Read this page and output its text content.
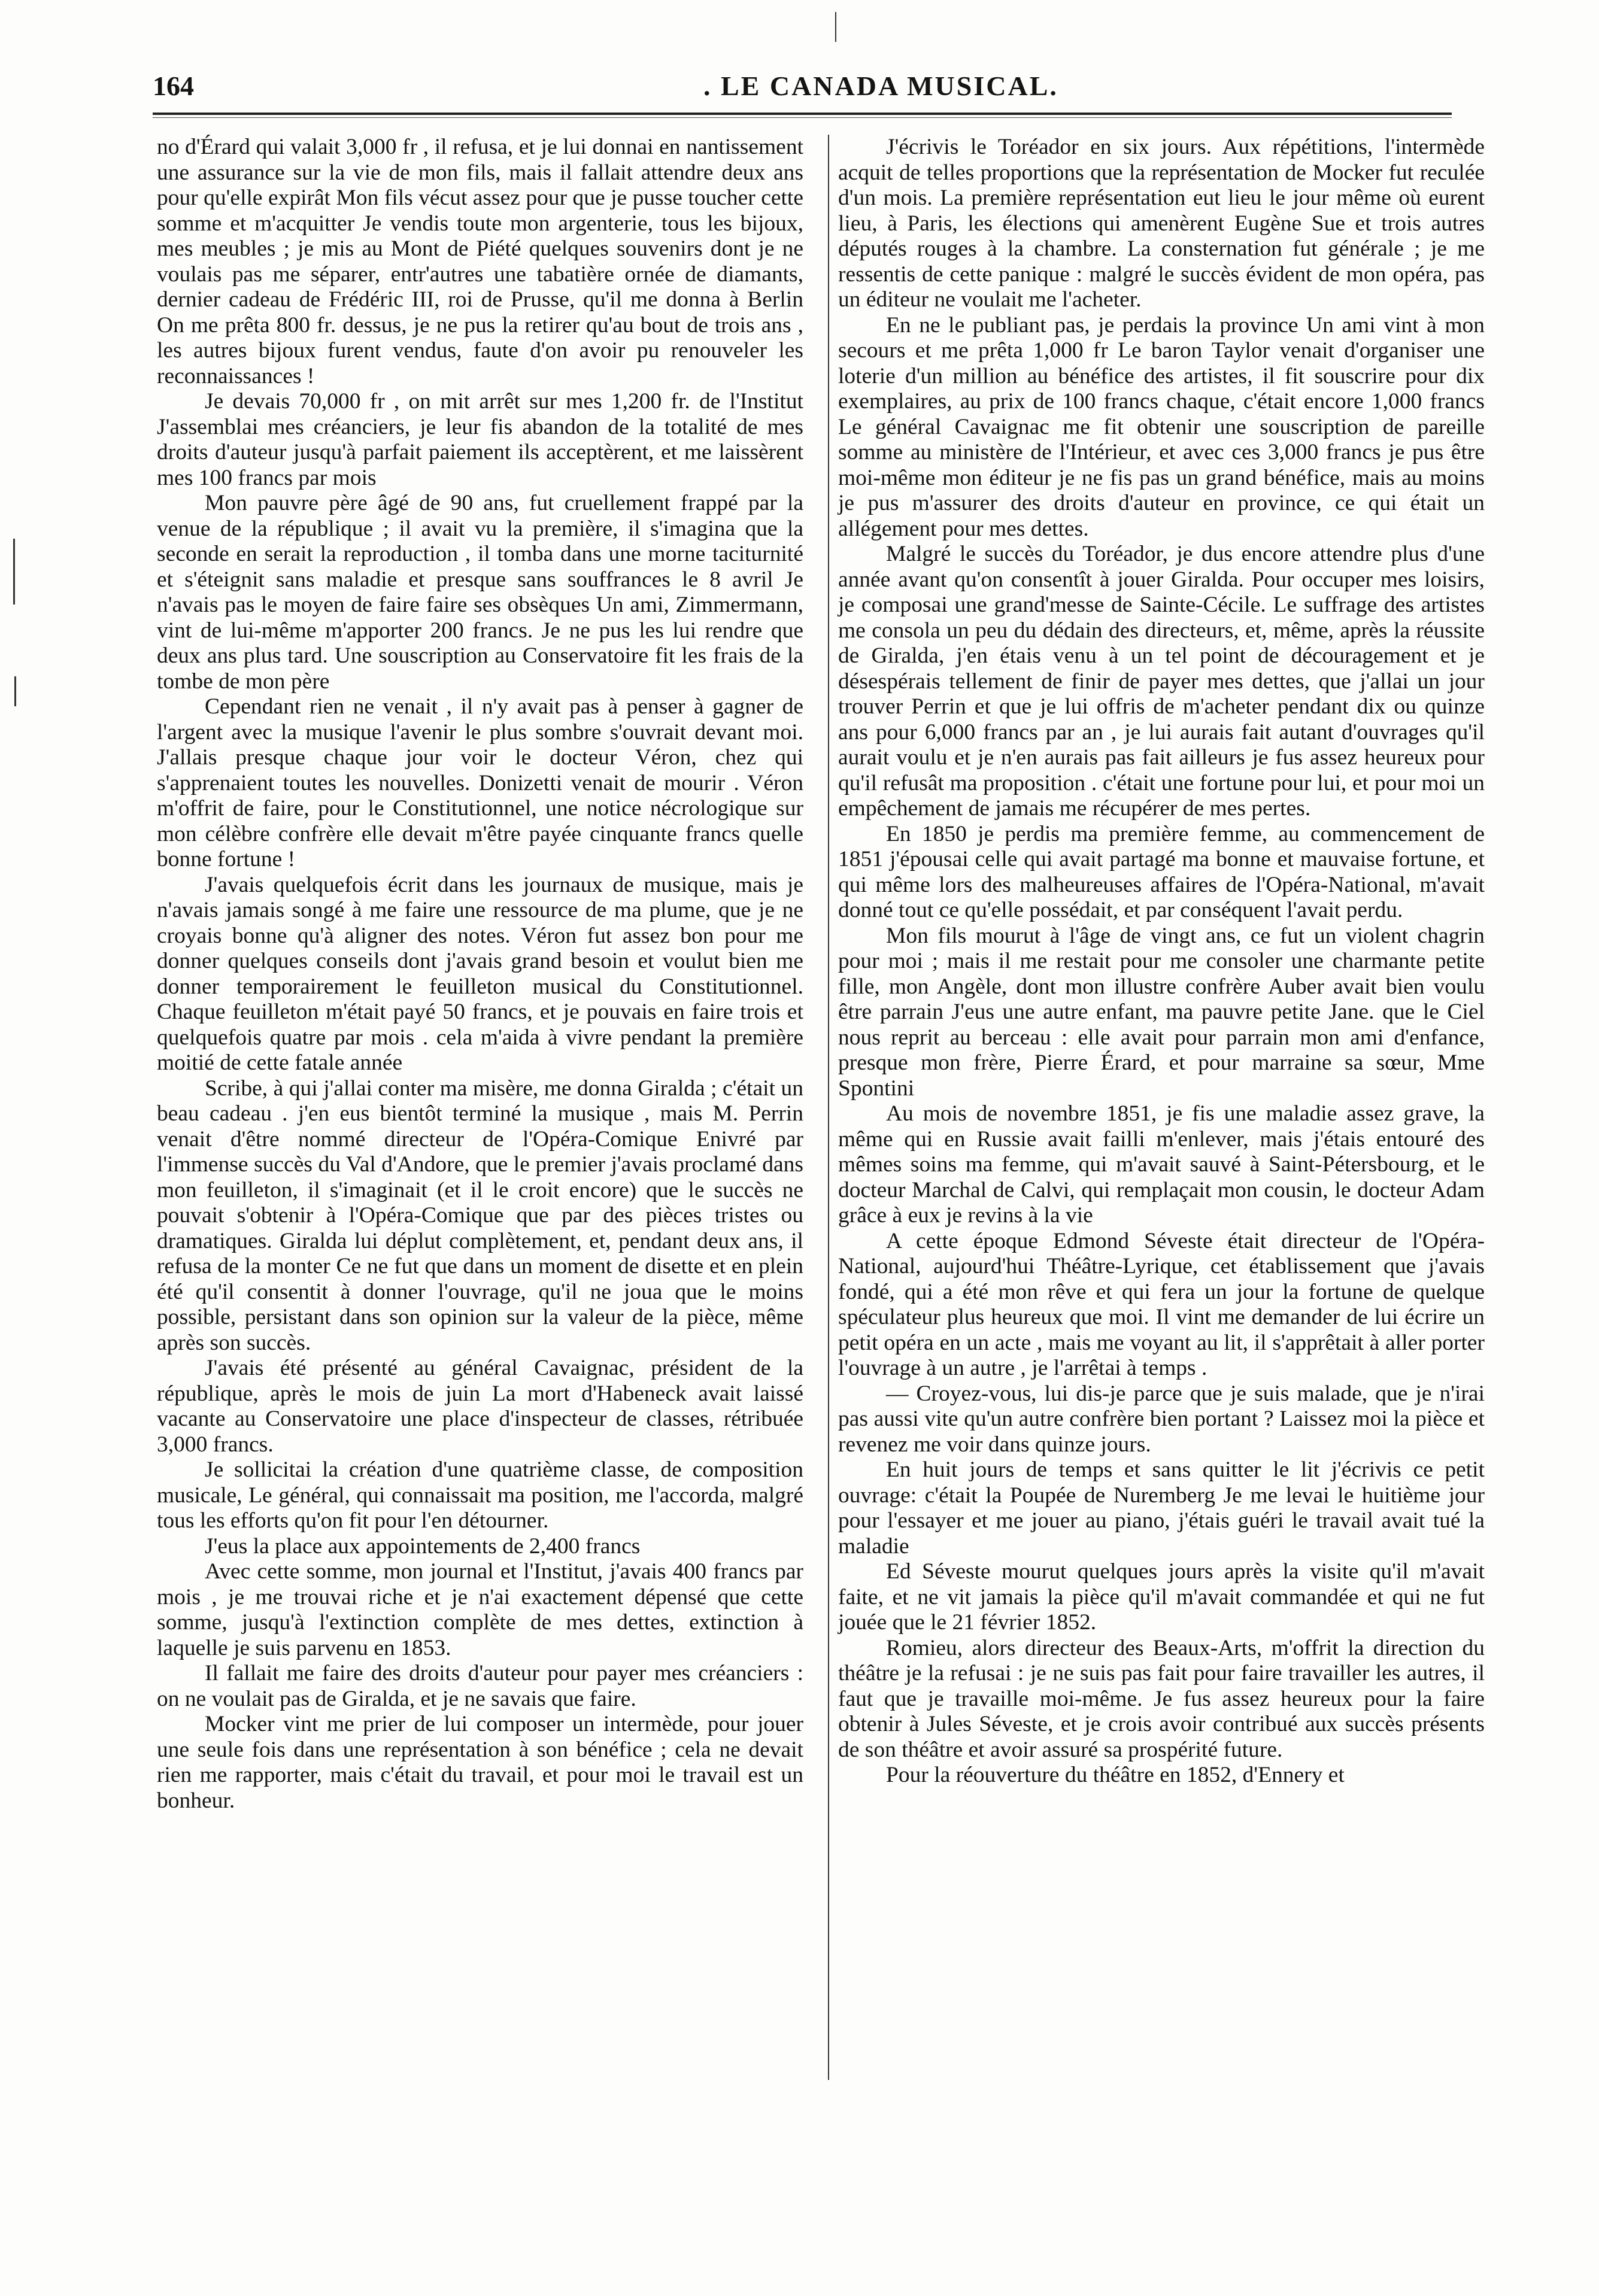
164	. LE CANADA MUSICAL.

no d'Érard qui valait 3,000 fr , il refusa, et je lui donnai en nantissement une assurance sur la vie de mon fils, mais il fallait attendre deux ans pour qu'elle expirât Mon fils vécut assez pour que je pusse toucher cette somme et m'acquitter Je vendis toute mon argenterie, tous les bijoux, mes meubles ; je mis au Mont de Piété quelques souvenirs dont je ne voulais pas me séparer, entr'autres une tabatière ornée de diamants, dernier cadeau de Frédéric III, roi de Prusse, qu'il me donna à Berlin On me prêta 800 fr. dessus, je ne pus la retirer qu'au bout de trois ans , les autres bijoux furent vendus, faute d'on avoir pu renouveler les reconnaissances !

Je devais 70,000 fr , on mit arrêt sur mes 1,200 fr. de l'Institut J'assemblai mes créanciers, je leur fis abandon de la totalité de mes droits d'auteur jusqu'à parfait paiement ils acceptèrent, et me laissèrent mes 100 francs par mois

Mon pauvre père âgé de 90 ans, fut cruellement frappé par la venue de la république ; il avait vu la première, il s'imagina que la seconde en serait la reproduction , il tomba dans une morne taciturnité et s'éteignit sans maladie et presque sans souffrances le 8 avril Je n'avais pas le moyen de faire faire ses obsèques Un ami, Zimmermann, vint de lui-même m'apporter 200 francs. Je ne pus les lui rendre que deux ans plus tard. Une souscription au Conservatoire fit les frais de la tombe de mon père

Cependant rien ne venait , il n'y avait pas à penser à gagner de l'argent avec la musique l'avenir le plus sombre s'ouvrait devant moi. J'allais presque chaque jour voir le docteur Véron, chez qui s'apprenaient toutes les nouvelles. Donizetti venait de mourir . Véron m'offrit de faire, pour le Constitutionnel, une notice nécrologique sur mon célèbre confrère elle devait m'être payée cinquante francs quelle bonne fortune !

J'avais quelquefois écrit dans les journaux de musique, mais je n'avais jamais songé à me faire une ressource de ma plume, que je ne croyais bonne qu'à aligner des notes. Véron fut assez bon pour me donner quelques conseils dont j'avais grand besoin et voulut bien me donner temporairement le feuilleton musical du Constitutionnel. Chaque feuilleton m'était payé 50 francs, et je pouvais en faire trois et quelquefois quatre par mois . cela m'aida à vivre pendant la première moitié de cette fatale année

Scribe, à qui j'allai conter ma misère, me donna Giralda ; c'était un beau cadeau . j'en eus bientôt terminé la musique , mais M. Perrin venait d'être nommé directeur de l'Opéra-Comique Enivré par l'immense succès du Val d'Andore, que le premier j'avais proclamé dans mon feuilleton, il s'imaginait (et il le croit encore) que le succès ne pouvait s'obtenir à l'Opéra-Comique que par des pièces tristes ou dramatiques. Giralda lui déplut complètement, et, pendant deux ans, il refusa de la monter Ce ne fut que dans un moment de disette et en plein été qu'il consentit à donner l'ouvrage, qu'il ne joua que le moins possible, persistant dans son opinion sur la valeur de la pièce, même après son succès.

J'avais été présenté au général Cavaignac, président de la république, après le mois de juin La mort d'Habeneck avait laissé vacante au Conservatoire une place d'inspecteur de classes, rétribuée 3,000 francs.

Je sollicitai la création d'une quatrième classe, de composition musicale, Le général, qui connaissait ma position, me l'accorda, malgré tous les efforts qu'on fit pour l'en détourner.

J'eus la place aux appointements de 2,400 francs

Avec cette somme, mon journal et l'Institut, j'avais 400 francs par mois , je me trouvai riche et je n'ai exactement dépensé que cette somme, jusqu'à l'extinction complète de mes dettes, extinction à laquelle je suis parvenu en 1853.

Il fallait me faire des droits d'auteur pour payer mes créanciers : on ne voulait pas de Giralda, et je ne savais que faire.

Mocker vint me prier de lui composer un intermède, pour jouer une seule fois dans une représentation à son bénéfice ; cela ne devait rien me rapporter, mais c'était du travail, et pour moi le travail est un bonheur.

J'écrivis le Toréador en six jours. Aux répétitions, l'intermède acquit de telles proportions que la représentation de Mocker fut reculée d'un mois. La première représentation eut lieu le jour même où eurent lieu, à Paris, les élections qui amenèrent Eugène Sue et trois autres députés rouges à la chambre. La consternation fut générale ; je me ressentis de cette panique : malgré le succès évident de mon opéra, pas un éditeur ne voulait me l'acheter.

En ne le publiant pas, je perdais la province Un ami vint à mon secours et me prêta 1,000 fr Le baron Taylor venait d'organiser une loterie d'un million au bénéfice des artistes, il fit souscrire pour dix exemplaires, au prix de 100 francs chaque, c'était encore 1,000 francs Le général Cavaignac me fit obtenir une souscription de pareille somme au ministère de l'Intérieur, et avec ces 3,000 francs je pus être moi-même mon éditeur je ne fis pas un grand bénéfice, mais au moins je pus m'assurer des droits d'auteur en province, ce qui était un allégement pour mes dettes.

Malgré le succès du Toréador, je dus encore attendre plus d'une année avant qu'on consentît à jouer Giralda. Pour occuper mes loisirs, je composai une grand'messe de Sainte-Cécile. Le suffrage des artistes me consola un peu du dédain des directeurs, et, même, après la réussite de Giralda, j'en étais venu à un tel point de découragement et je désespérais tellement de finir de payer mes dettes, que j'allai un jour trouver Perrin et que je lui offris de m'acheter pendant dix ou quinze ans pour 6,000 francs par an , je lui aurais fait autant d'ouvrages qu'il aurait voulu et je n'en aurais pas fait ailleurs je fus assez heureux pour qu'il refusât ma proposition . c'était une fortune pour lui, et pour moi un empêchement de jamais me récupérer de mes pertes.

En 1850 je perdis ma première femme, au commencement de 1851 j'épousai celle qui avait partagé ma bonne et mauvaise fortune, et qui même lors des malheureuses affaires de l'Opéra-National, m'avait donné tout ce qu'elle possédait, et par conséquent l'avait perdu.

Mon fils mourut à l'âge de vingt ans, ce fut un violent chagrin pour moi ; mais il me restait pour me consoler une charmante petite fille, mon Angèle, dont mon illustre confrère Auber avait bien voulu être parrain J'eus une autre enfant, ma pauvre petite Jane. que le Ciel nous reprit au berceau : elle avait pour parrain mon ami d'enfance, presque mon frère, Pierre Érard, et pour marraine sa sœur, Mme Spontini

Au mois de novembre 1851, je fis une maladie assez grave, la même qui en Russie avait failli m'enlever, mais j'étais entouré des mêmes soins ma femme, qui m'avait sauvé à Saint-Pétersbourg, et le docteur Marchal de Calvi, qui remplaçait mon cousin, le docteur Adam grâce à eux je revins à la vie

A cette époque Edmond Séveste était directeur de l'Opéra-National, aujourd'hui Théâtre-Lyrique, cet établissement que j'avais fondé, qui a été mon rêve et qui fera un jour la fortune de quelque spéculateur plus heureux que moi. Il vint me demander de lui écrire un petit opéra en un acte , mais me voyant au lit, il s'apprêtait à aller porter l'ouvrage à un autre , je l'arrêtai à temps .

— Croyez-vous, lui dis-je parce que je suis malade, que je n'irai pas aussi vite qu'un autre confrère bien portant ? Laissez moi la pièce et revenez me voir dans quinze jours.

En huit jours de temps et sans quitter le lit j'écrivis ce petit ouvrage: c'était la Poupée de Nuremberg Je me levai le huitième jour pour l'essayer et me jouer au piano, j'étais guéri le travail avait tué la maladie

Ed Séveste mourut quelques jours après la visite qu'il m'avait faite, et ne vit jamais la pièce qu'il m'avait commandée et qui ne fut jouée que le 21 février 1852.

Romieu, alors directeur des Beaux-Arts, m'offrit la direction du théâtre je la refusai : je ne suis pas fait pour faire travailler les autres, il faut que je travaille moi-même. Je fus assez heureux pour la faire obtenir à Jules Séveste, et je crois avoir contribué aux succès présents de son théâtre et avoir assuré sa prospérité future.

Pour la réouverture du théâtre en 1852, d'Ennery et
